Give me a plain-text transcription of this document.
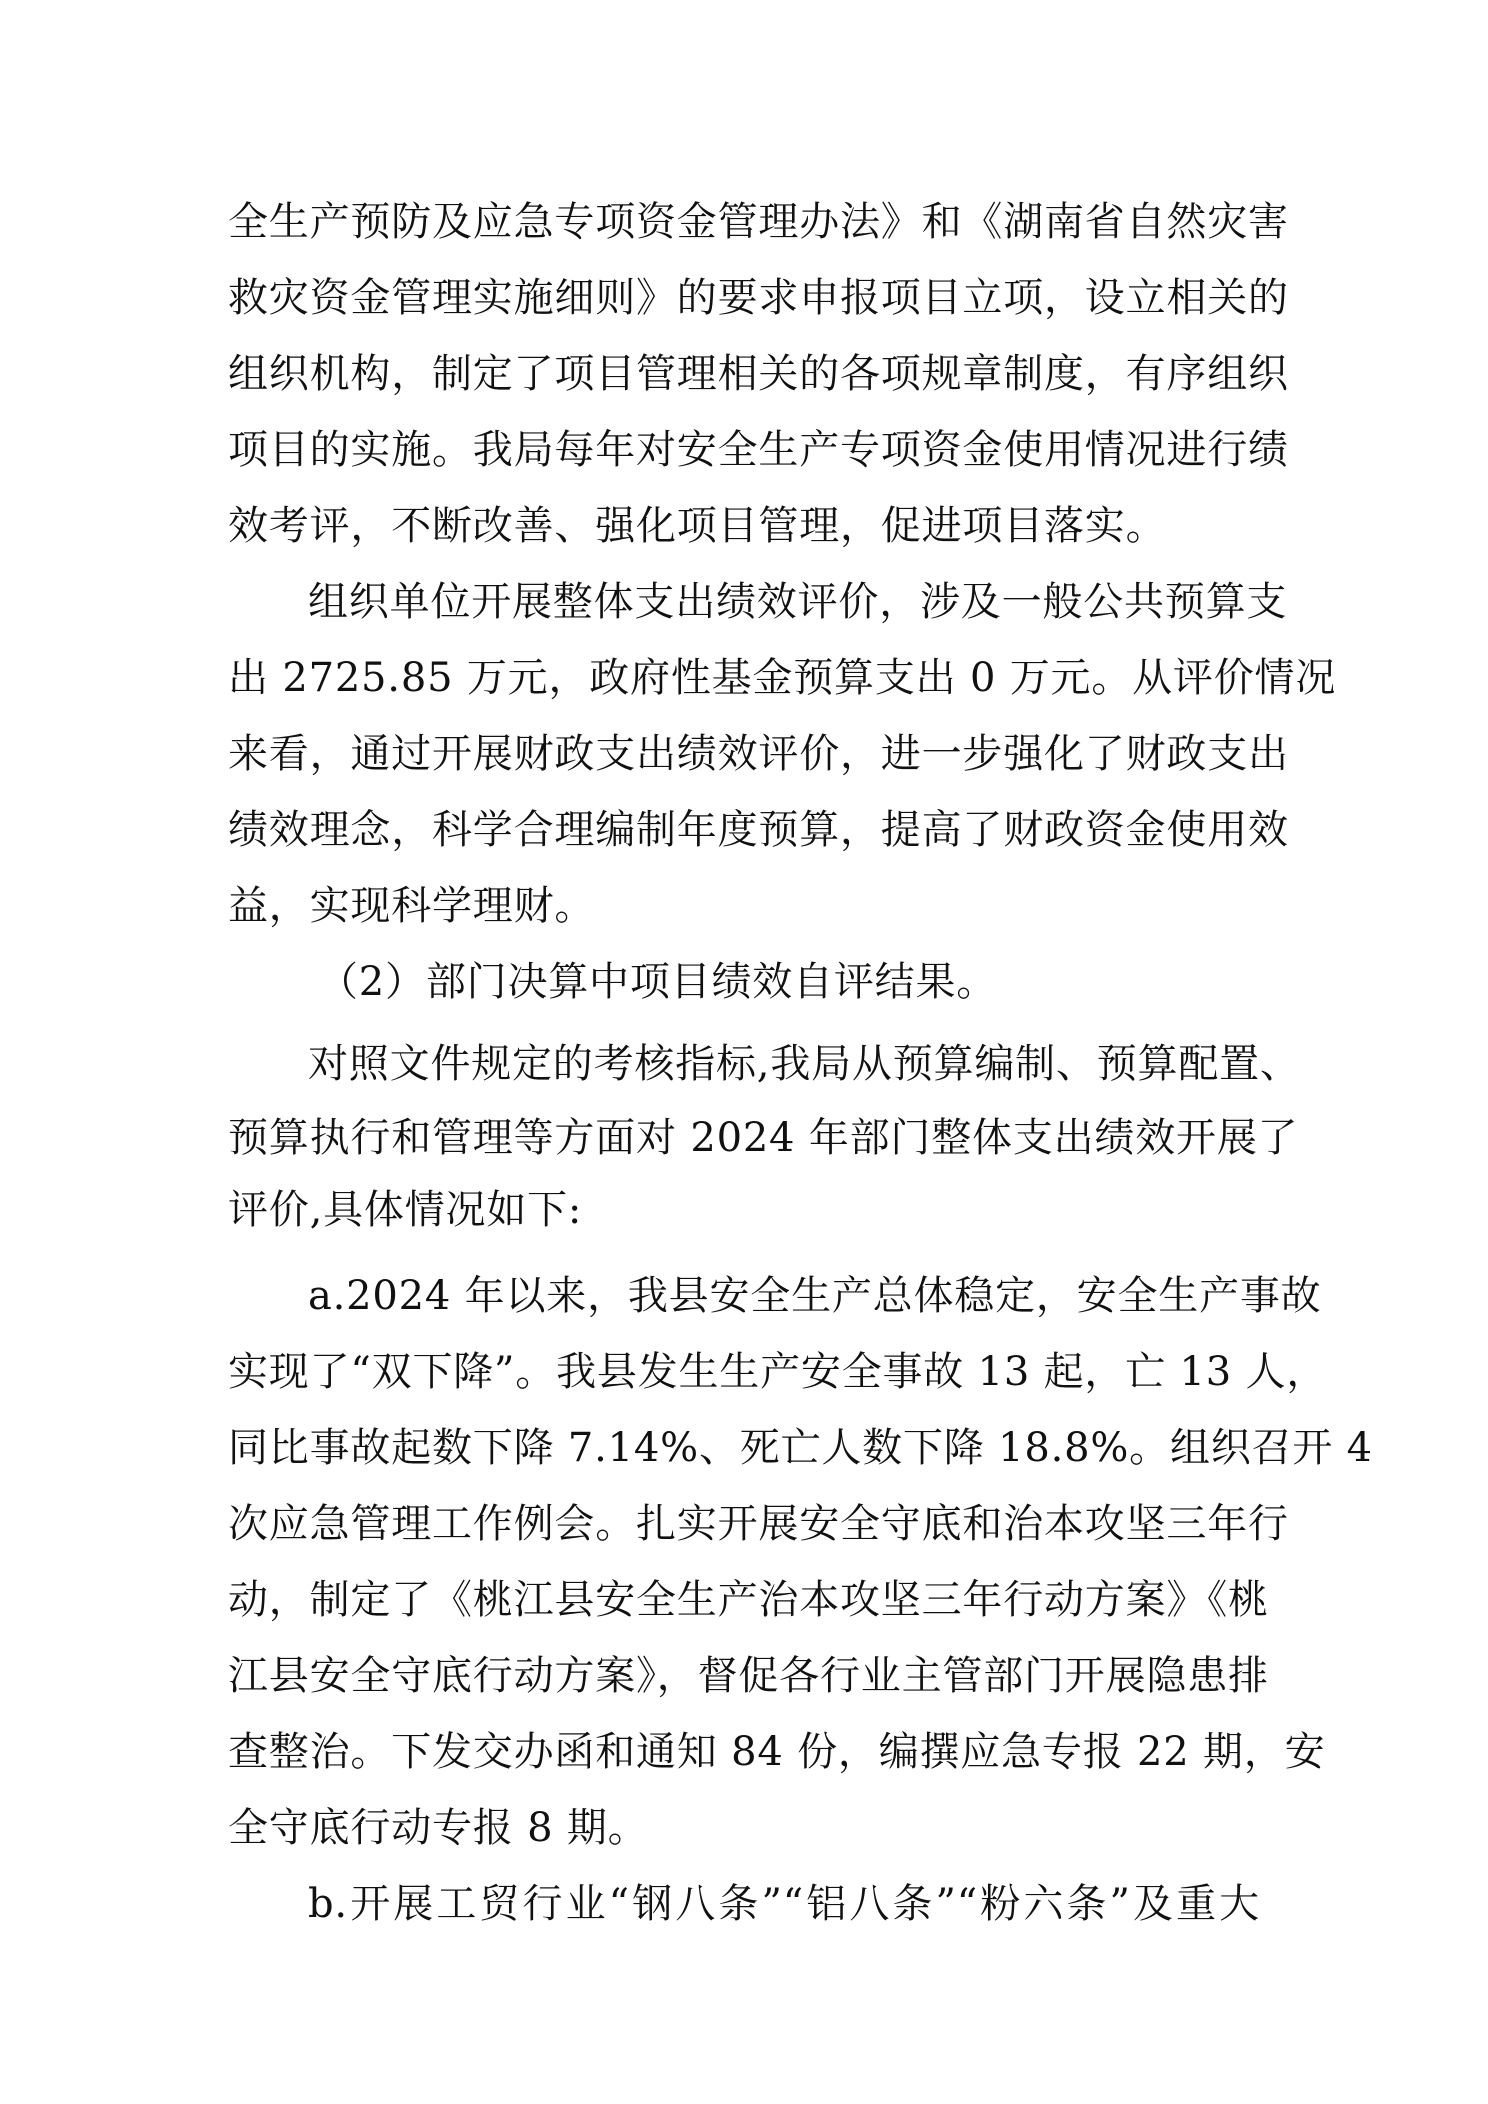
全生产预防及应急专项资金管理办法》和《湖南省自然灾害
救灾资金管理实施细则》的要求申报项目立项，设立相关的
组织机构，制定了项目管理相关的各项规章制度，有序组织
项目的实施。我局每年对安全生产专项资金使用情况进行绩
效考评，不断改善、强化项目管理，促进项目落实。
组织单位开展整体支出绩效评价，涉及一般公共预算支
出 2725.85 万元，政府性基金预算支出 0 万元。从评价情况
来看，通过开展财政支出绩效评价，进一步强化了财政支出
绩效理念，科学合理编制年度预算，提高了财政资金使用效
益，实现科学理财。
（2）部门决算中项目绩效自评结果。
对照文件规定的考核指标,我局从预算编制、预算配置、
预算执行和管理等方面对 2024 年部门整体支出绩效开展了
评价,具体情况如下:
a.2024 年以来，我县安全生产总体稳定，安全生产事故
实现了“双下降”。我县发生生产安全事故 13 起，亡 13 人，
同比事故起数下降 7.14%、死亡人数下降 18.8%。组织召开 4
次应急管理工作例会。扎实开展安全守底和治本攻坚三年行
动，制定了《桃江县安全生产治本攻坚三年行动方案》《桃
江县安全守底行动方案》，督促各行业主管部门开展隐患排
查整治。下发交办函和通知 84 份，编撰应急专报 22 期，安
全守底行动专报 8 期。
b.开展工贸行业“钢八条”“铝八条”“粉六条”及重大
